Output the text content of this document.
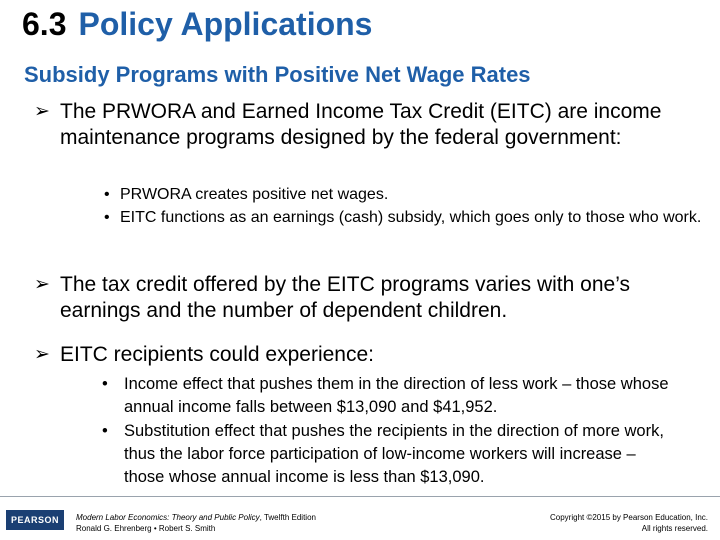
6.3 Policy Applications
Subsidy Programs with Positive Net Wage Rates
➢ The PRWORA and Earned Income Tax Credit (EITC) are income maintenance programs designed by the federal government:
• PRWORA creates positive net wages.
• EITC functions as an earnings (cash) subsidy, which goes only to those who work.
➢ The tax credit offered by the EITC programs varies with one’s earnings and the number of dependent children.
➢ EITC recipients could experience:
• Income effect that pushes them in the direction of less work – those whose annual income falls between $13,090 and $41,952.
• Substitution effect that pushes the recipients in the direction of more work, thus the labor force participation of low-income workers will increase – those whose annual income is less than $13,090.
PEARSON	Modern Labor Economics: Theory and Public Policy, Twelfth Edition
Ronald G. Ehrenberg • Robert S. Smith
Copyright ©2015 by Pearson Education, Inc.
All rights reserved.
